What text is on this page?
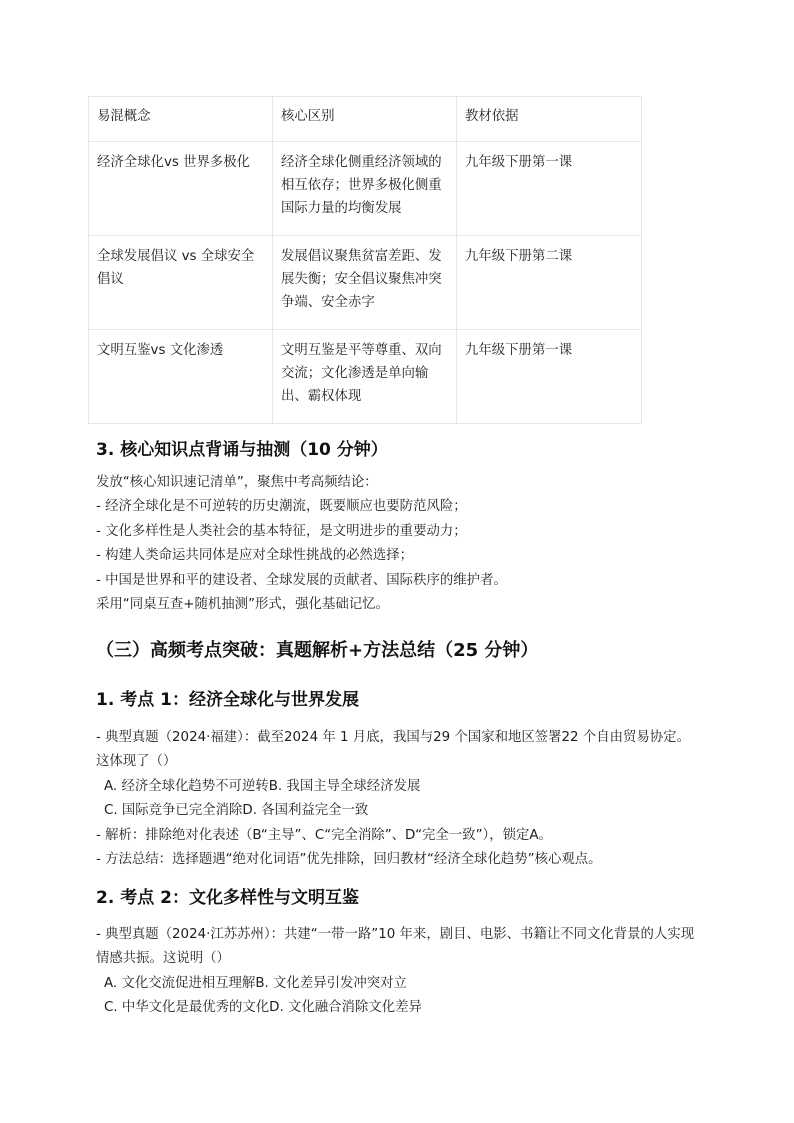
易混概念	核心区别	教材依据
经济全球化vs 世界多极化	经济全球化侧重经济领域的相互依存；世界多极化侧重国际力量的均衡发展	九年级下册第一课
全球发展倡议 vs 全球安全倡议	发展倡议聚焦贫富差距、发展失衡；安全倡议聚焦冲突争端、安全赤字	九年级下册第二课
文明互鉴vs 文化渗透	文明互鉴是平等尊重、双向交流；文化渗透是单向输出、霸权体现	九年级下册第一课
3. 核心知识点背诵与抽测（10 分钟）
发放“核心知识速记清单”，聚焦中考高频结论：
- 经济全球化是不可逆转的历史潮流，既要顺应也要防范风险；
- 文化多样性是人类社会的基本特征，是文明进步的重要动力；
- 构建人类命运共同体是应对全球性挑战的必然选择；
- 中国是世界和平的建设者、全球发展的贡献者、国际秩序的维护者。
采用“同桌互查+随机抽测”形式，强化基础记忆。
（三）高频考点突破：真题解析+方法总结（25 分钟）
1. 考点 1：经济全球化与世界发展
- 典型真题（2024·福建）：截至2024 年 1 月底，我国与29 个国家和地区签署22 个自由贸易协定。这体现了（）
A. 经济全球化趋势不可逆转B. 我国主导全球经济发展
C. 国际竞争已完全消除D. 各国利益完全一致
- 解析：排除绝对化表述（B“主导”、C“完全消除”、D“完全一致”），锁定A。
- 方法总结：选择题遇“绝对化词语”优先排除，回归教材“经济全球化趋势”核心观点。
2. 考点 2：文化多样性与文明互鉴
- 典型真题（2024·江苏苏州）：共建“一带一路”10 年来，剧目、电影、书籍让不同文化背景的人实现情感共振。这说明（）
A. 文化交流促进相互理解B. 文化差异引发冲突对立
C. 中华文化是最优秀的文化D. 文化融合消除文化差异
